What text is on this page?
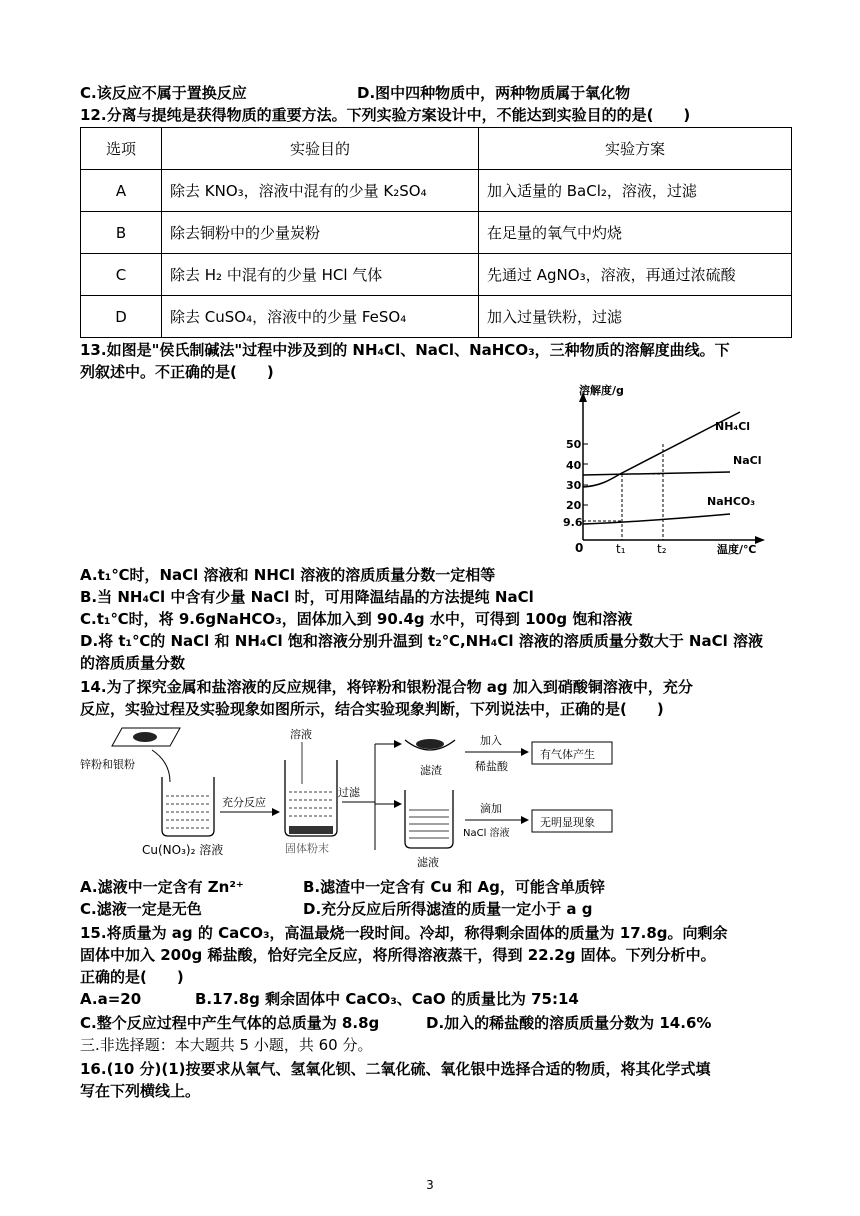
C.该反应不属于置换反应	D.图中四种物质中，两种物质属于氧化物
12.分离与提纯是获得物质的重要方法。下列实验方案设计中，不能达到实验目的的是(　　)
选项	实验目的	实验方案
A	除去 KNO₃，溶液中混有的少量 K₂SO₄	加入适量的 BaCl₂，溶液，过滤
B	除去铜粉中的少量炭粉	在足量的氧气中灼烧
C	除去 H₂ 中混有的少量 HCl 气体	先通过 AgNO₃，溶液，再通过浓硫酸
D	除去 CuSO₄，溶液中的少量 FeSO₄	加入过量铁粉，过滤
13.如图是"侯氏制碱法"过程中涉及到的 NH₄Cl、NaCl、NaHCO₃，三种物质的溶解度曲线。下
列叙述中。不正确的是(　　)
溶解度/g
温度/℃
0
9.6
20
30
40
50
t₁	t₂
NH₄Cl
NaCl
NaHCO₃
A.t₁℃时，NaCl 溶液和 NHCl 溶液的溶质质量分数一定相等
B.当 NH₄Cl 中含有少量 NaCl 时，可用降温结晶的方法提纯 NaCl
C.t₁℃时，将 9.6gNaHCO₃，固体加入到 90.4g 水中，可得到 100g 饱和溶液
D.将 t₁℃的 NaCl 和 NH₄Cl 饱和溶液分别升温到 t₂℃,NH₄Cl 溶液的溶质质量分数大于 NaCl 溶液
的溶质质量分数
14.为了探究金属和盐溶液的反应规律，将锌粉和银粉混合物 ag 加入到硝酸铜溶液中，充分
反应，实验过程及实验现象如图所示，结合实验现象判断，下列说法中，正确的是(　　)
锌粉和银粉
Cu(NO₃)₂ 溶液
充分反应
溶液
固体粉末
过滤
滤渣
加入
稀盐酸
有气体产生
滤液
滴加
NaCl 溶液
无明显现象
A.滤液中一定含有 Zn²⁺	B.滤渣中一定含有 Cu 和 Ag，可能含单质锌
C.滤液一定是无色	D.充分反应后所得滤渣的质量一定小于 a g
15.将质量为 ag 的 CaCO₃，高温最烧一段时间。冷却，称得剩余固体的质量为 17.8g。向剩余
固体中加入 200g 稀盐酸，恰好完全反应，将所得溶液蒸干，得到 22.2g 固体。下列分析中。
正确的是(　　)
A.a=20	B.17.8g 剩余固体中 CaCO₃、CaO 的质量比为 75:14
C.整个反应过程中产生气体的总质量为 8.8g	D.加入的稀盐酸的溶质质量分数为 14.6%
三.非选择题：本大题共 5 小题，共 60 分。
16.(10 分)(1)按要求从氧气、氢氧化钡、二氧化硫、氧化银中选择合适的物质，将其化学式填
写在下列横线上。
3
